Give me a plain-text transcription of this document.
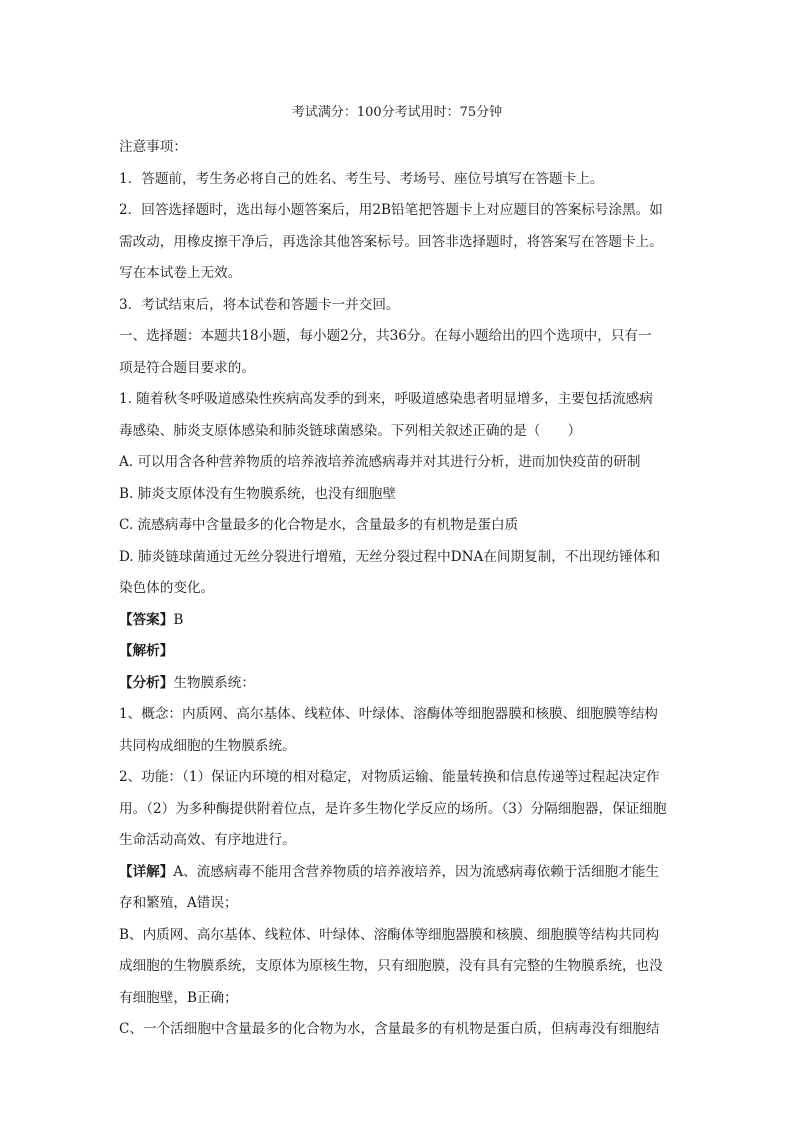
考试满分：100分考试用时：75分钟
注意事项：
1．答题前，考生务必将自己的姓名、考生号、考场号、座位号填写在答题卡上。
2．回答选择题时，选出每小题答案后，用2B铅笔把答题卡上对应题目的答案标号涂黑。如
需改动，用橡皮擦干净后，再选涂其他答案标号。回答非选择题时，将答案写在答题卡上。
写在本试卷上无效。
3．考试结束后，将本试卷和答题卡一并交回。
一、选择题：本题共18小题，每小题2分，共36分。在每小题给出的四个选项中，只有一
项是符合题目要求的。
1. 随着秋冬呼吸道感染性疾病高发季的到来，呼吸道感染患者明显增多，主要包括流感病
毒感染、肺炎支原体感染和肺炎链球菌感染。下列相关叙述正确的是（　　）
A. 可以用含各种营养物质的培养液培养流感病毒并对其进行分析，进而加快疫苗的研制
B. 肺炎支原体没有生物膜系统，也没有细胞壁
C. 流感病毒中含量最多的化合物是水，含量最多的有机物是蛋白质
D. 肺炎链球菌通过无丝分裂进行增殖，无丝分裂过程中DNA在间期复制，不出现纺锤体和
染色体的变化。
【答案】B
【解析】
【分析】生物膜系统：
1、概念：内质网、高尔基体、线粒体、叶绿体、溶酶体等细胞器膜和核膜、细胞膜等结构
共同构成细胞的生物膜系统。
2、功能：（1）保证内环境的相对稳定，对物质运输、能量转换和信息传递等过程起决定作
用。（2）为多种酶提供附着位点，是许多生物化学反应的场所。（3）分隔细胞器，保证细胞
生命活动高效、有序地进行。
【详解】A、流感病毒不能用含营养物质的培养液培养，因为流感病毒依赖于活细胞才能生
存和繁殖，A错误；
B、内质网、高尔基体、线粒体、叶绿体、溶酶体等细胞器膜和核膜、细胞膜等结构共同构
成细胞的生物膜系统，支原体为原核生物，只有细胞膜，没有具有完整的生物膜系统，也没
有细胞壁，B正确；
C、一个活细胞中含量最多的化合物为水，含量最多的有机物是蛋白质，但病毒没有细胞结
